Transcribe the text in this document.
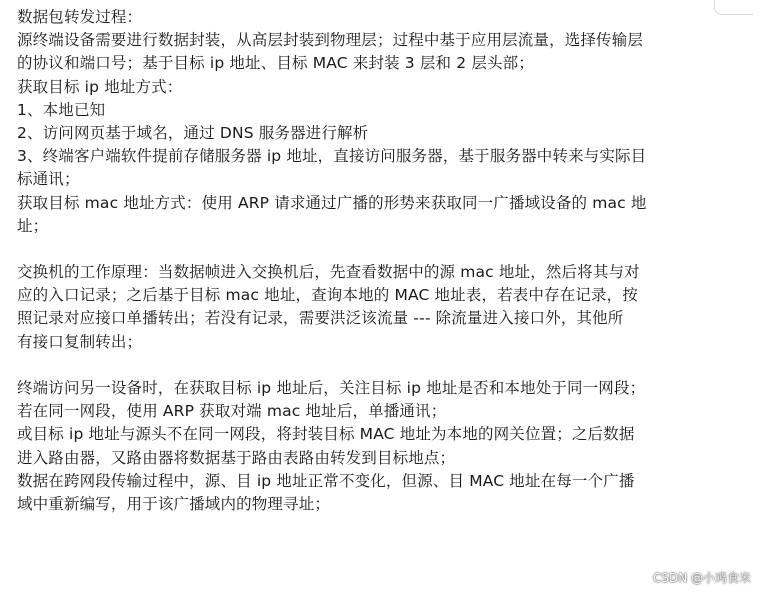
数据包转发过程：
源终端设备需要进行数据封装，从高层封装到物理层；过程中基于应用层流量，选择传输层
的协议和端口号；基于目标 ip 地址、目标 MAC 来封装 3 层和 2 层头部；
获取目标 ip 地址方式：
1、本地已知
2、访问网页基于域名，通过 DNS 服务器进行解析
3、终端客户端软件提前存储服务器 ip 地址，直接访问服务器，基于服务器中转来与实际目
标通讯；
获取目标 mac 地址方式：使用 ARP 请求通过广播的形势来获取同一广播域设备的 mac 地
址；
交换机的工作原理：当数据帧进入交换机后，先查看数据中的源 mac 地址，然后将其与对
应的入口记录；之后基于目标 mac 地址，查询本地的 MAC 地址表，若表中存在记录，按
照记录对应接口单播转出；若没有记录，需要洪泛该流量 --- 除流量进入接口外，其他所
有接口复制转出；
终端访问另一设备时，在获取目标 ip 地址后，关注目标 ip 地址是否和本地处于同一网段；
若在同一网段，使用 ARP 获取对端 mac 地址后，单播通讯；
或目标 ip 地址与源头不在同一网段，将封装目标 MAC 地址为本地的网关位置；之后数据
进入路由器，又路由器将数据基于路由表路由转发到目标地点；
数据在跨网段传输过程中，源、目 ip 地址正常不变化，但源、目 MAC 地址在每一个广播
域中重新编写，用于该广播域内的物理寻址；
CSDN @小鸡食米
